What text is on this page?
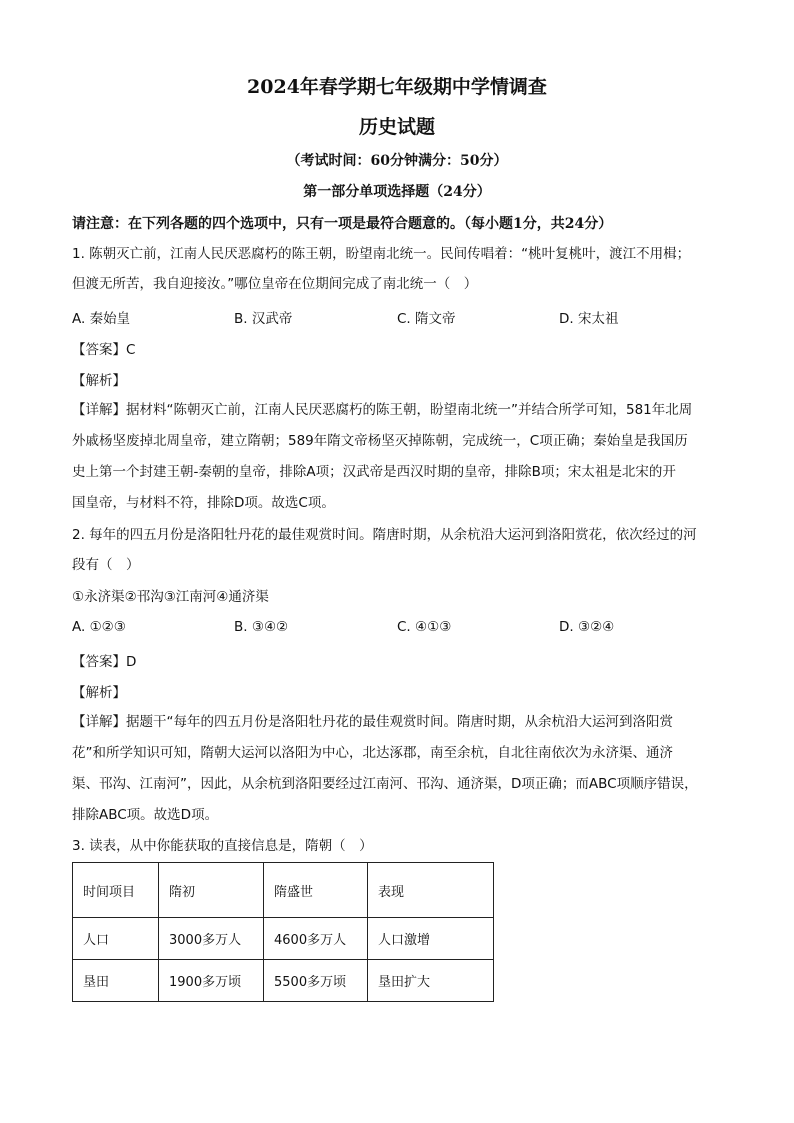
2024年春学期七年级期中学情调查
历史试题
（考试时间：60分钟满分：50分）
第一部分单项选择题（24分）
请注意：在下列各题的四个选项中，只有一项是最符合题意的。（每小题1分，共24分）
1. 陈朝灭亡前，江南人民厌恶腐朽的陈王朝，盼望南北统一。民间传唱着：“桃叶复桃叶，渡江不用楫；
但渡无所苦，我自迎接汝。”哪位皇帝在位期间完成了南北统一（　）
A. 秦始皇	B. 汉武帝	C. 隋文帝	D. 宋太祖
【答案】C
【解析】
【详解】据材料“陈朝灭亡前，江南人民厌恶腐朽的陈王朝，盼望南北统一”并结合所学可知，581年北周
外戚杨坚废掉北周皇帝，建立隋朝；589年隋文帝杨坚灭掉陈朝，完成统一，C项正确；秦始皇是我国历
史上第一个封建王朝-秦朝的皇帝，排除A项；汉武帝是西汉时期的皇帝，排除B项；宋太祖是北宋的开
国皇帝，与材料不符，排除D项。故选C项。
2. 每年的四五月份是洛阳牡丹花的最佳观赏时间。隋唐时期，从余杭沿大运河到洛阳赏花，依次经过的河
段有（　）
①永济渠②邗沟③江南河④通济渠
A. ①②③	B. ③④②	C. ④①③	D. ③②④
【答案】D
【解析】
【详解】据题干“每年的四五月份是洛阳牡丹花的最佳观赏时间。隋唐时期，从余杭沿大运河到洛阳赏
花”和所学知识可知，隋朝大运河以洛阳为中心，北达涿郡，南至余杭，自北往南依次为永济渠、通济
渠、邗沟、江南河”，因此，从余杭到洛阳要经过江南河、邗沟、通济渠，D项正确；而ABC项顺序错误，
排除ABC项。故选D项。
3. 读表，从中你能获取的直接信息是，隋朝（　）
时间项目	隋初	隋盛世	表现
人口	3000多万人	4600多万人	人口激增
垦田	1900多万顷	5500多万顷	垦田扩大
